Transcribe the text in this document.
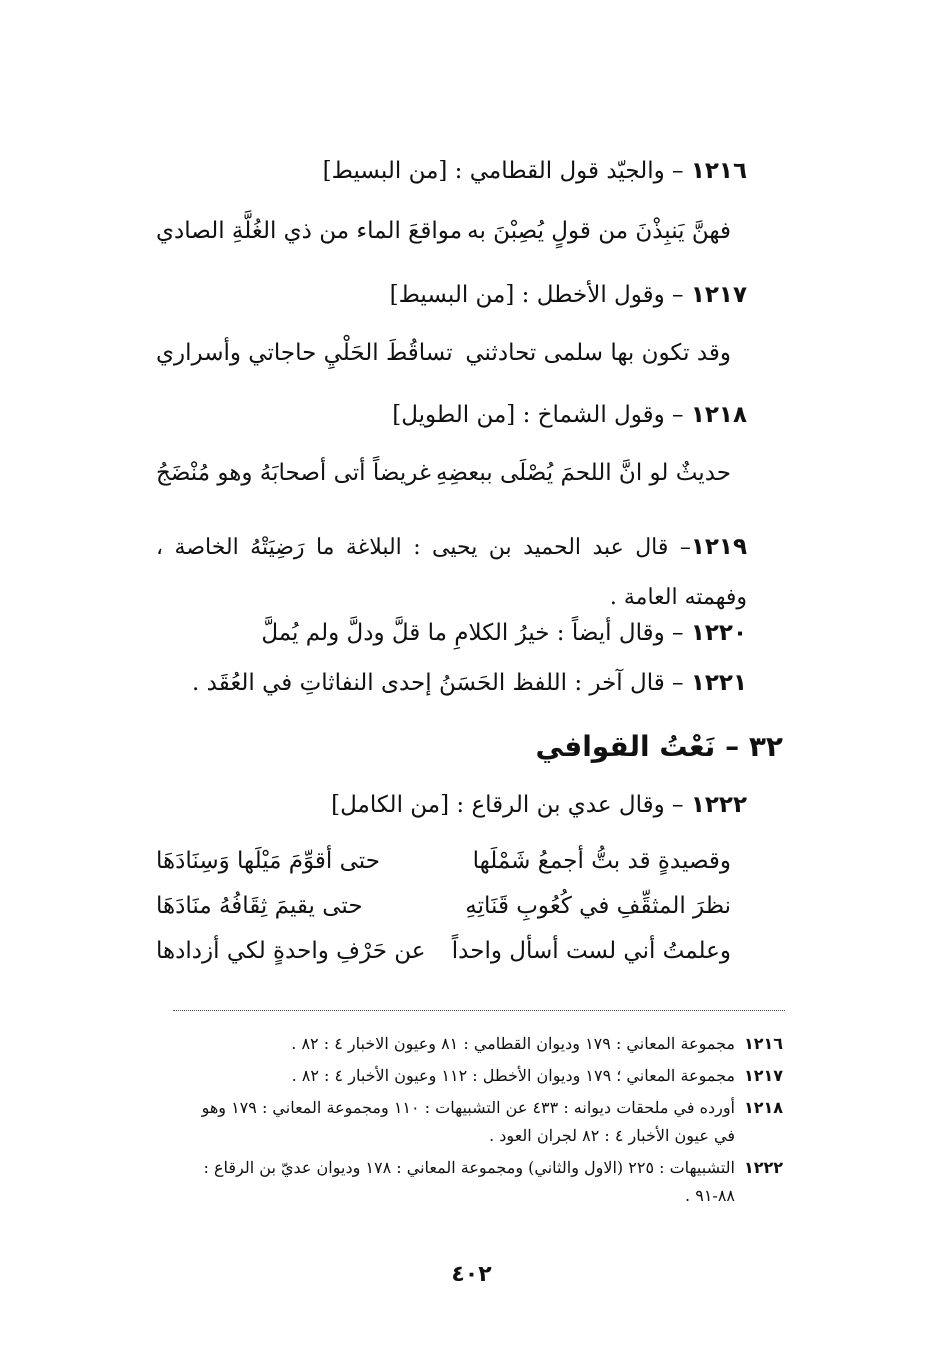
١٢١٦ – والجيّد قول القطامي : [من البسيط]
فهنَّ يَنبِذْنَ من قولٍ يُصِبْنَ به
مواقعَ الماء من ذي الغُلَّةِ الصادي
١٢١٧ – وقول الأخطل : [من البسيط]
وقد تكون بها سلمى تحادثني
تساقُطَ الحَلْيِ حاجاتي وأسراري
١٢١٨ – وقول الشماخ : [من الطويل]
حديثٌ لو انَّ اللحمَ يُصْلَى ببعضِهِ
غريضاً أتى أصحابَهُ وهو مُنْضَجُ
١٢١٩– قال عبد الحميد بن يحيى : البلاغة ما رَضِيَتْهُ الخاصة ، وفهمته العامة .
١٢٢٠ – وقال أيضاً : خيرُ الكلامِ ما قلَّ ودلَّ ولم يُملَّ
١٢٢١ – قال آخر : اللفظ الحَسَنُ إحدى النفاثاتِ في العُقَد .
٣٢ – نَعْتُ القوافي
١٢٢٢ – وقال عدي بن الرقاع : [من الكامل]
وقصيدةٍ قد بتُّ أجمعُ شَمْلَها
حتى أقوِّمَ مَيْلَها وَسِنَادَهَا
نظرَ المثقِّفِ في كُعُوبِ قَنَاتِهِ
حتى يقيمَ ثِقَافُهُ منَادَهَا
وعلمتُ أني لست أسأل واحداً
عن حَرْفِ واحدةٍ لكي أزدادها
١٢١٦مجموعة المعاني : ١٧٩ وديوان القطامي : ٨١ وعيون الاخبار ٤ : ٨٢ .
١٢١٧مجموعة المعاني ؛ ١٧٩ وديوان الأخطل : ١١٢ وعيون الأخبار ٤ : ٨٢ .
١٢١٨أورده في ملحقات ديوانه : ٤٣٣ عن التشبيهات : ١١٠ ومجموعة المعاني : ١٧٩ وهو
في عيون الأخبار ٤ : ٨٢ لجران العود .
١٢٢٢التشبيهات : ٢٢٥ (الاول والثاني) ومجموعة المعاني : ١٧٨ وديوان عديّ بن الرقاع :
٨٨-٩١ .
٤٠٢
